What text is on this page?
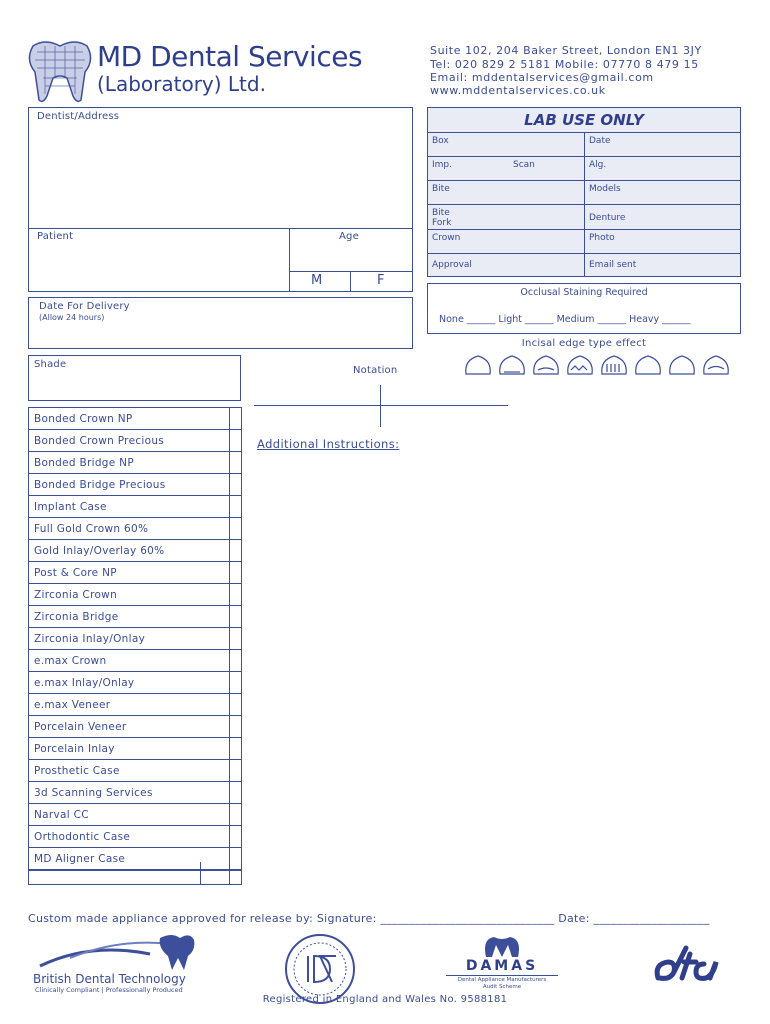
MD Dental Services
(Laboratory) Ltd.
Suite 102, 204 Baker Street, London EN1 3JY
Tel: 020 829 2 5181 Mobile: 07770 8 479 15
Email: mddentalservices@gmail.com
www.mddentalservices.co.uk
Dentist/Address
Patient	Age
M	F
Date For Delivery
(Allow 24 hours)
Shade
Notation
Additional Instructions:
LAB USE ONLY
Box	Date
Imp.	Scan	Alg.
Bite	Models
Bite
Fork	Denture
Crown	Photo
Approval	Email sent
Occlusal Staining Required
None ______ Light ______ Medium ______ Heavy ______
Incisal edge type effect
Bonded Crown NP
Bonded Crown Precious
Bonded Bridge NP
Bonded Bridge Precious
Implant Case
Full Gold Crown 60%
Gold Inlay/Overlay 60%
Post & Core NP
Zirconia Crown
Zirconia Bridge
Zirconia Inlay/Onlay
e.max Crown
e.max Inlay/Onlay
e.max Veneer
Porcelain Veneer
Porcelain Inlay
Prosthetic Case
3d Scanning Services
Narval CC
Orthodontic Case
MD Aligner Case
Custom made appliance approved for release by: Signature: ______________________________ Date: ____________________
British Dental Technology
Clinically Compliant | Professionally Produced
DAMAS
Dental Appliance Manufacturers
Audit Scheme
Registered in England and Wales No. 9588181
